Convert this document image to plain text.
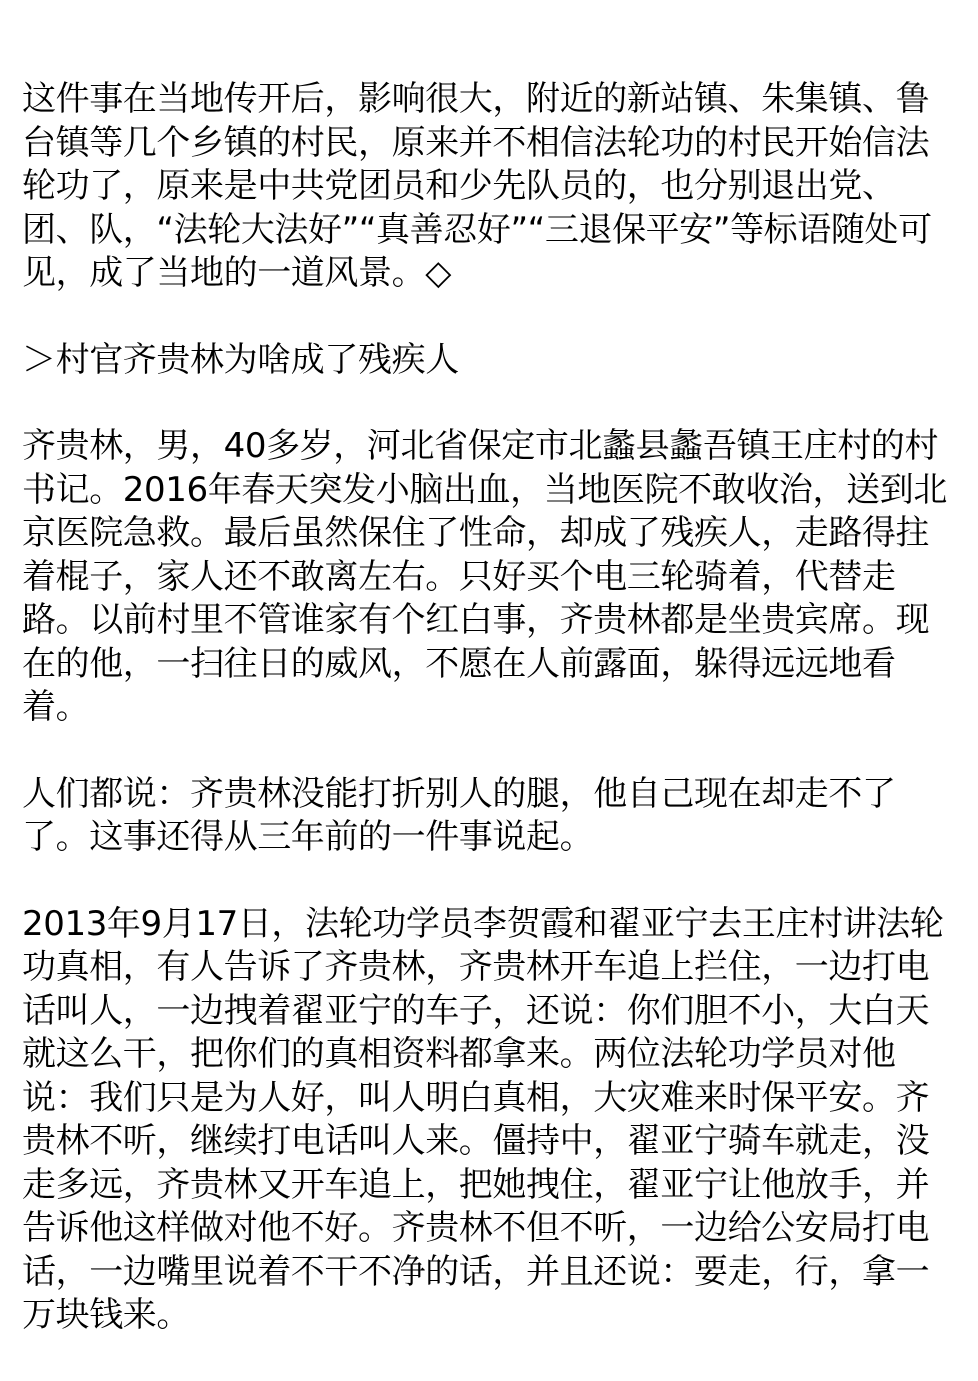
这件事在当地传开后，影响很大，附近的新站镇、朱集镇、鲁台镇等几个乡镇的村民，原来并不相信法轮功的村民开始信法轮功了，原来是中共党团员和少先队员的，也分别退出党、团、队，“法轮大法好”“真善忍好”“三退保平安”等标语随处可见，成了当地的一道风景。◇

＞村官齐贵林为啥成了残疾人

齐贵林，男，40多岁，河北省保定市北蠡县蠡吾镇王庄村的村书记。2016年春天突发小脑出血，当地医院不敢收治，送到北京医院急救。最后虽然保住了性命，却成了残疾人，走路得拄着棍子，家人还不敢离左右。只好买个电三轮骑着，代替走路。以前村里不管谁家有个红白事，齐贵林都是坐贵宾席。现在的他，一扫往日的威风，不愿在人前露面，躲得远远地看着。

人们都说：齐贵林没能打折别人的腿，他自己现在却走不了了。这事还得从三年前的一件事说起。

2013年9月17日，法轮功学员李贺霞和翟亚宁去王庄村讲法轮功真相，有人告诉了齐贵林，齐贵林开车追上拦住，一边打电话叫人，一边拽着翟亚宁的车子，还说：你们胆不小，大白天就这么干，把你们的真相资料都拿来。两位法轮功学员对他说：我们只是为人好，叫人明白真相，大灾难来时保平安。齐贵林不听，继续打电话叫人来。僵持中，翟亚宁骑车就走，没走多远，齐贵林又开车追上，把她拽住，翟亚宁让他放手，并告诉他这样做对他不好。齐贵林不但不听，一边给公安局打电话，一边嘴里说着不干不净的话，并且还说：要走，行，拿一万块钱来。
